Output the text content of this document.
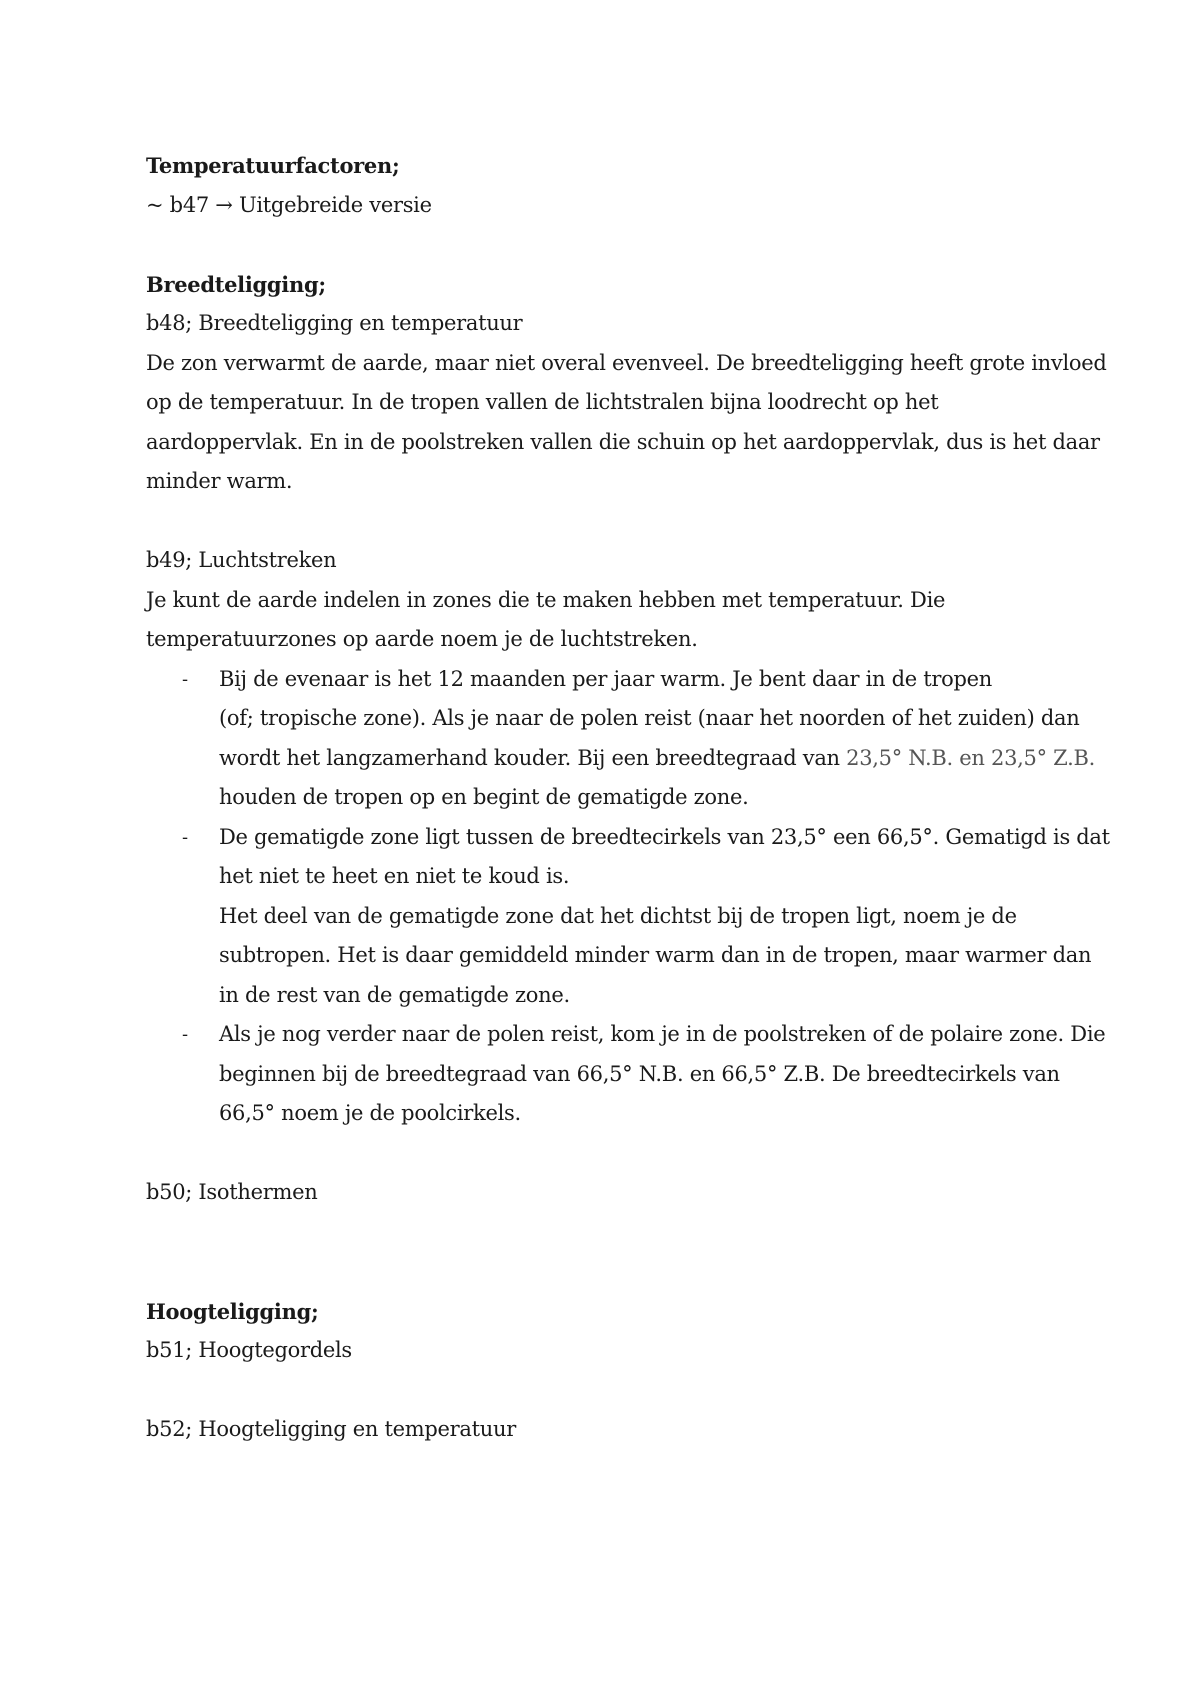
Temperatuurfactoren;
~ b47 → Uitgebreide versie
Breedteligging;
b48; Breedteligging en temperatuur
De zon verwarmt de aarde, maar niet overal evenveel. De breedteligging heeft grote invloed
op de temperatuur. In de tropen vallen de lichtstralen bijna loodrecht op het
aardoppervlak. En in de poolstreken vallen die schuin op het aardoppervlak, dus is het daar
minder warm.
b49; Luchtstreken
Je kunt de aarde indelen in zones die te maken hebben met temperatuur. Die
temperatuurzones op aarde noem je de luchtstreken.
- Bij de evenaar is het 12 maanden per jaar warm. Je bent daar in de tropen
(of; tropische zone). Als je naar de polen reist (naar het noorden of het zuiden) dan
wordt het langzamerhand kouder. Bij een breedtegraad van 23,5° N.B. en 23,5° Z.B.
houden de tropen op en begint de gematigde zone.
- De gematigde zone ligt tussen de breedtecirkels van 23,5° een 66,5°. Gematigd is dat
het niet te heet en niet te koud is.
Het deel van de gematigde zone dat het dichtst bij de tropen ligt, noem je de
subtropen. Het is daar gemiddeld minder warm dan in de tropen, maar warmer dan
in de rest van de gematigde zone.
- Als je nog verder naar de polen reist, kom je in de poolstreken of de polaire zone. Die
beginnen bij de breedtegraad van 66,5° N.B. en 66,5° Z.B. De breedtecirkels van
66,5° noem je de poolcirkels.
b50; Isothermen
Hoogteligging;
b51; Hoogtegordels
b52; Hoogteligging en temperatuur
